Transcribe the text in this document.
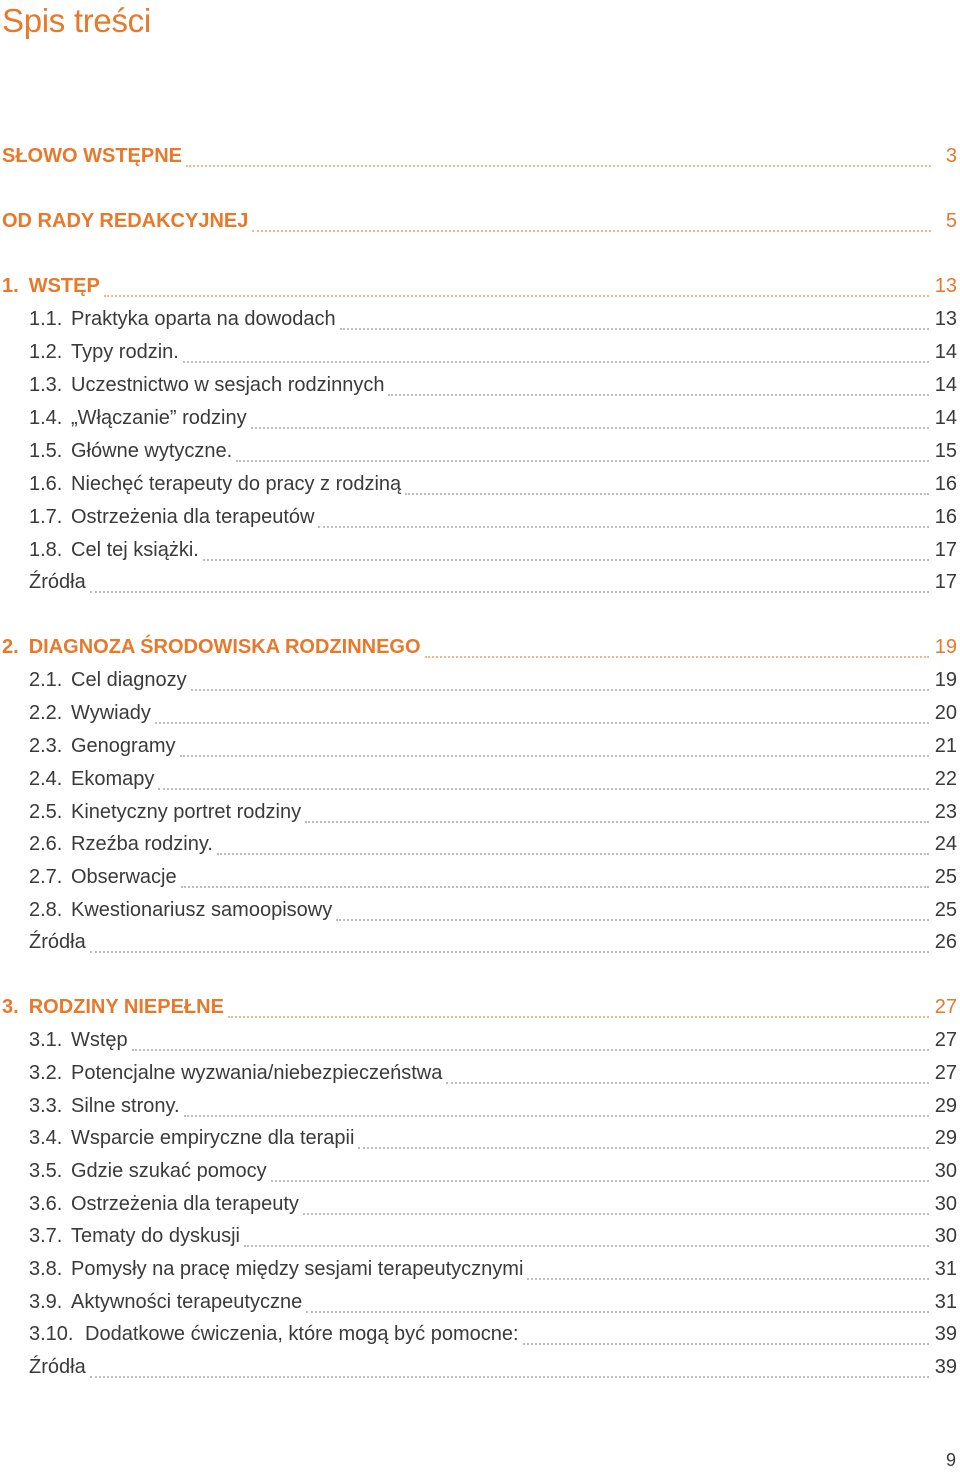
Spis treści
SŁOWO WSTĘPNE	3
OD RADY REDAKCYJNEJ	5
1. WSTĘP	13
1.1. Praktyka oparta na dowodach	13
1.2. Typy rodzin.	14
1.3. Uczestnictwo w sesjach rodzinnych	14
1.4. „Włączanie” rodziny	14
1.5. Główne wytyczne.	15
1.6. Niechęć terapeuty do pracy z rodziną	16
1.7. Ostrzeżenia dla terapeutów	16
1.8. Cel tej książki.	17
Źródła	17
2. DIAGNOZA ŚRODOWISKA RODZINNEGO	19
2.1. Cel diagnozy	19
2.2. Wywiady	20
2.3. Genogramy	21
2.4. Ekomapy	22
2.5. Kinetyczny portret rodziny	23
2.6. Rzeźba rodziny.	24
2.7. Obserwacje	25
2.8. Kwestionariusz samoopisowy	25
Źródła	26
3. RODZINY NIEPEŁNE	27
3.1. Wstęp	27
3.2. Potencjalne wyzwania/niebezpieczeństwa	27
3.3. Silne strony.	29
3.4. Wsparcie empiryczne dla terapii	29
3.5. Gdzie szukać pomocy	30
3.6. Ostrzeżenia dla terapeuty	30
3.7. Tematy do dyskusji	30
3.8. Pomysły na pracę między sesjami terapeutycznymi	31
3.9. Aktywności terapeutyczne	31
3.10. Dodatkowe ćwiczenia, które mogą być pomocne:	39
Źródła	39
9
